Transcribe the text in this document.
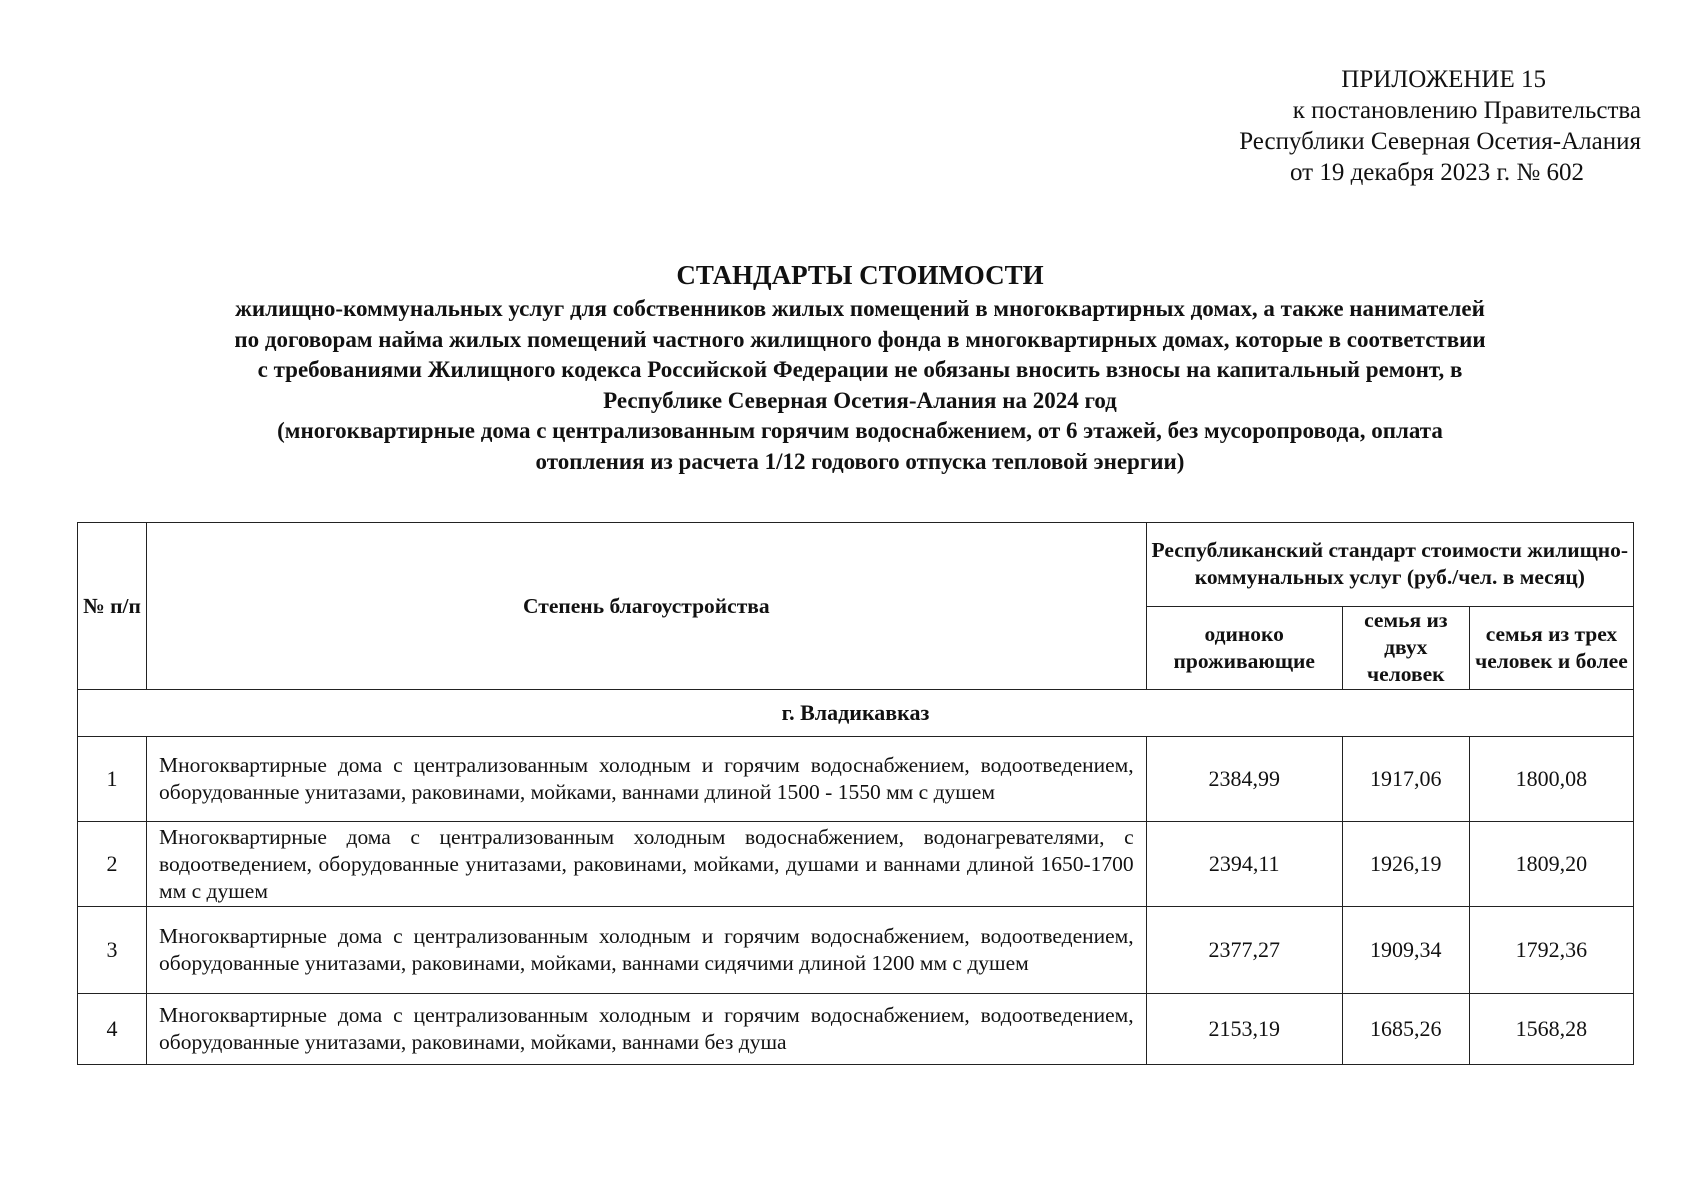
ПРИЛОЖЕНИЕ 15
к постановлению Правительства
Республики Северная Осетия-Алания
от 19 декабря 2023 г. № 602
СТАНДАРТЫ СТОИМОСТИ
жилищно-коммунальных услуг для собственников жилых помещений в многоквартирных домах, а также нанимателей
по договорам найма жилых помещений частного жилищного фонда в многоквартирных домах, которые в соответствии
с требованиями Жилищного кодекса Российской Федерации не обязаны вносить взносы на капитальный ремонт, в
Республике Северная Осетия-Алания на 2024 год
(многоквартирные дома с централизованным горячим водоснабжением, от 6 этажей, без мусоропровода, оплата
отопления из расчета 1/12 годового отпуска тепловой энергии)
№ п/п	Степень благоустройства	Республиканский стандарт стоимости жилищно-коммунальных услуг (руб./чел. в месяц)		
		одиноко проживающие	семья из двух человек	семья из трех человек и более
г. Владикавказ				
1	Многоквартирные дома с централизованным холодным и горячим водоснабжением, водоотведением, оборудованные унитазами, раковинами, мойками, ваннами длиной 1500 - 1550 мм с душем	2384,99	1917,06	1800,08
2	Многоквартирные дома с централизованным холодным водоснабжением, водонагревателями, с водоотведением, оборудованные унитазами, раковинами, мойками, душами и ваннами длиной 1650-1700 мм с душем	2394,11	1926,19	1809,20
3	Многоквартирные дома с централизованным холодным и горячим водоснабжением, водоотведением, оборудованные унитазами, раковинами, мойками, ваннами сидячими длиной 1200 мм с душем	2377,27	1909,34	1792,36
4	Многоквартирные дома с централизованным холодным и горячим водоснабжением, водоотведением, оборудованные унитазами, раковинами, мойками, ваннами без душа	2153,19	1685,26	1568,28
